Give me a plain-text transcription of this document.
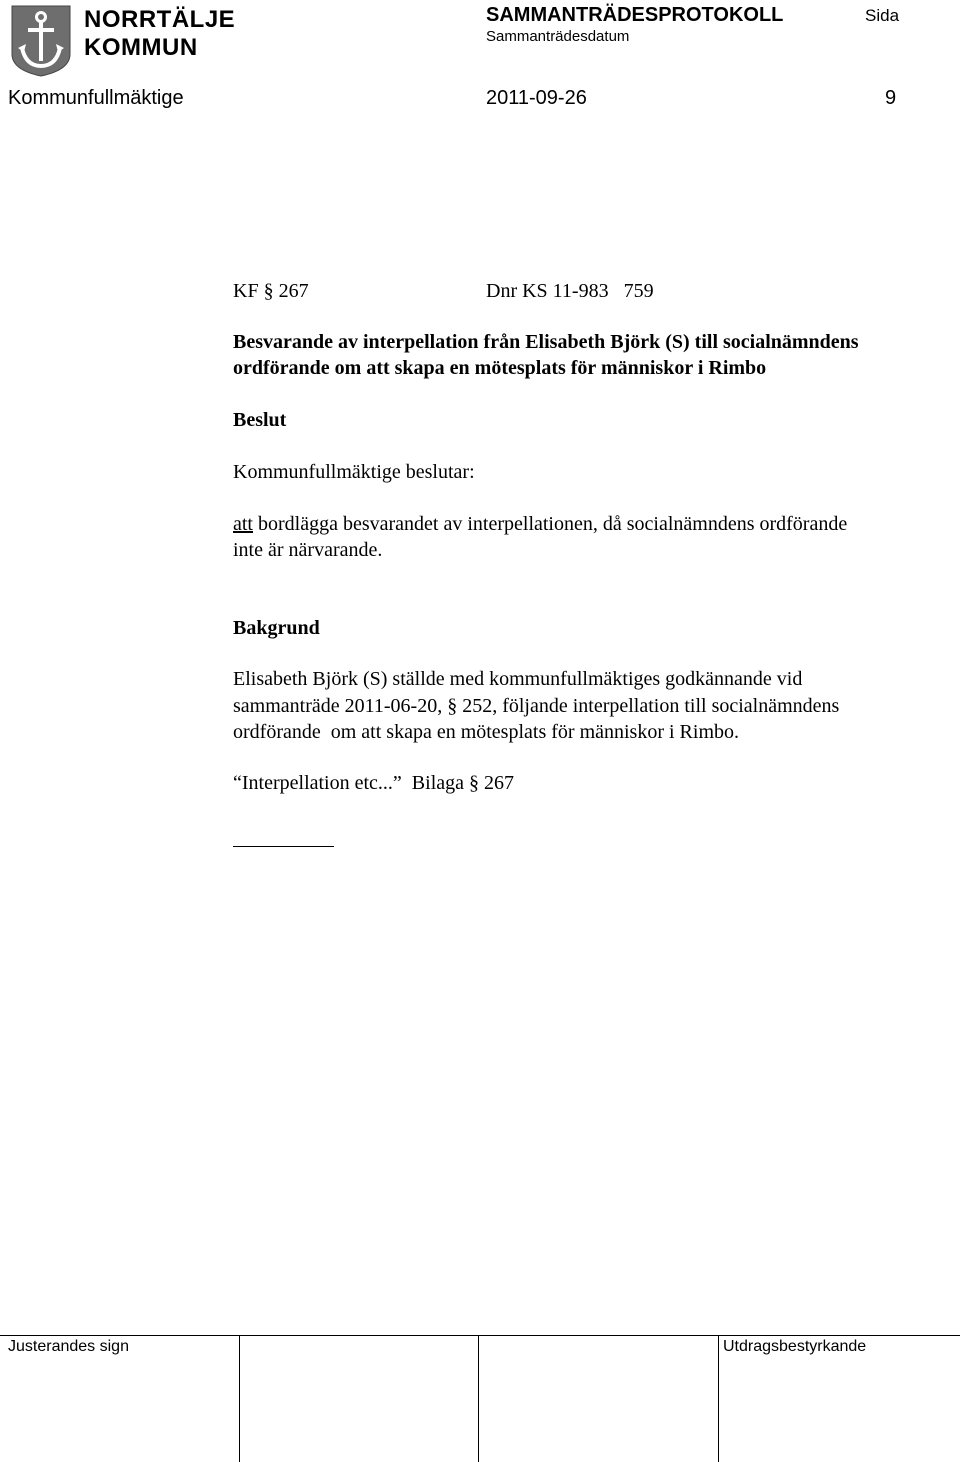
NORRTÄLJE
KOMMUN
SAMMANTRÄDESPROTOKOLL
Sammanträdesdatum
Sida
Kommunfullmäktige	2011-09-26	9
KF § 267	Dnr KS 11-983   759
Besvarande av interpellation från Elisabeth Björk (S) till socialnämndens
ordförande om att skapa en mötesplats för människor i Rimbo
Beslut
Kommunfullmäktige beslutar:
att bordlägga besvarandet av interpellationen, då socialnämndens ordförande
inte är närvarande.
Bakgrund
Elisabeth Björk (S) ställde med kommunfullmäktiges godkännande vid
sammanträde 2011-06-20, § 252, följande interpellation till socialnämndens
ordförande  om att skapa en mötesplats för människor i Rimbo.
“Interpellation etc...”  Bilaga § 267
Justerandes sign	Utdragsbestyrkande
